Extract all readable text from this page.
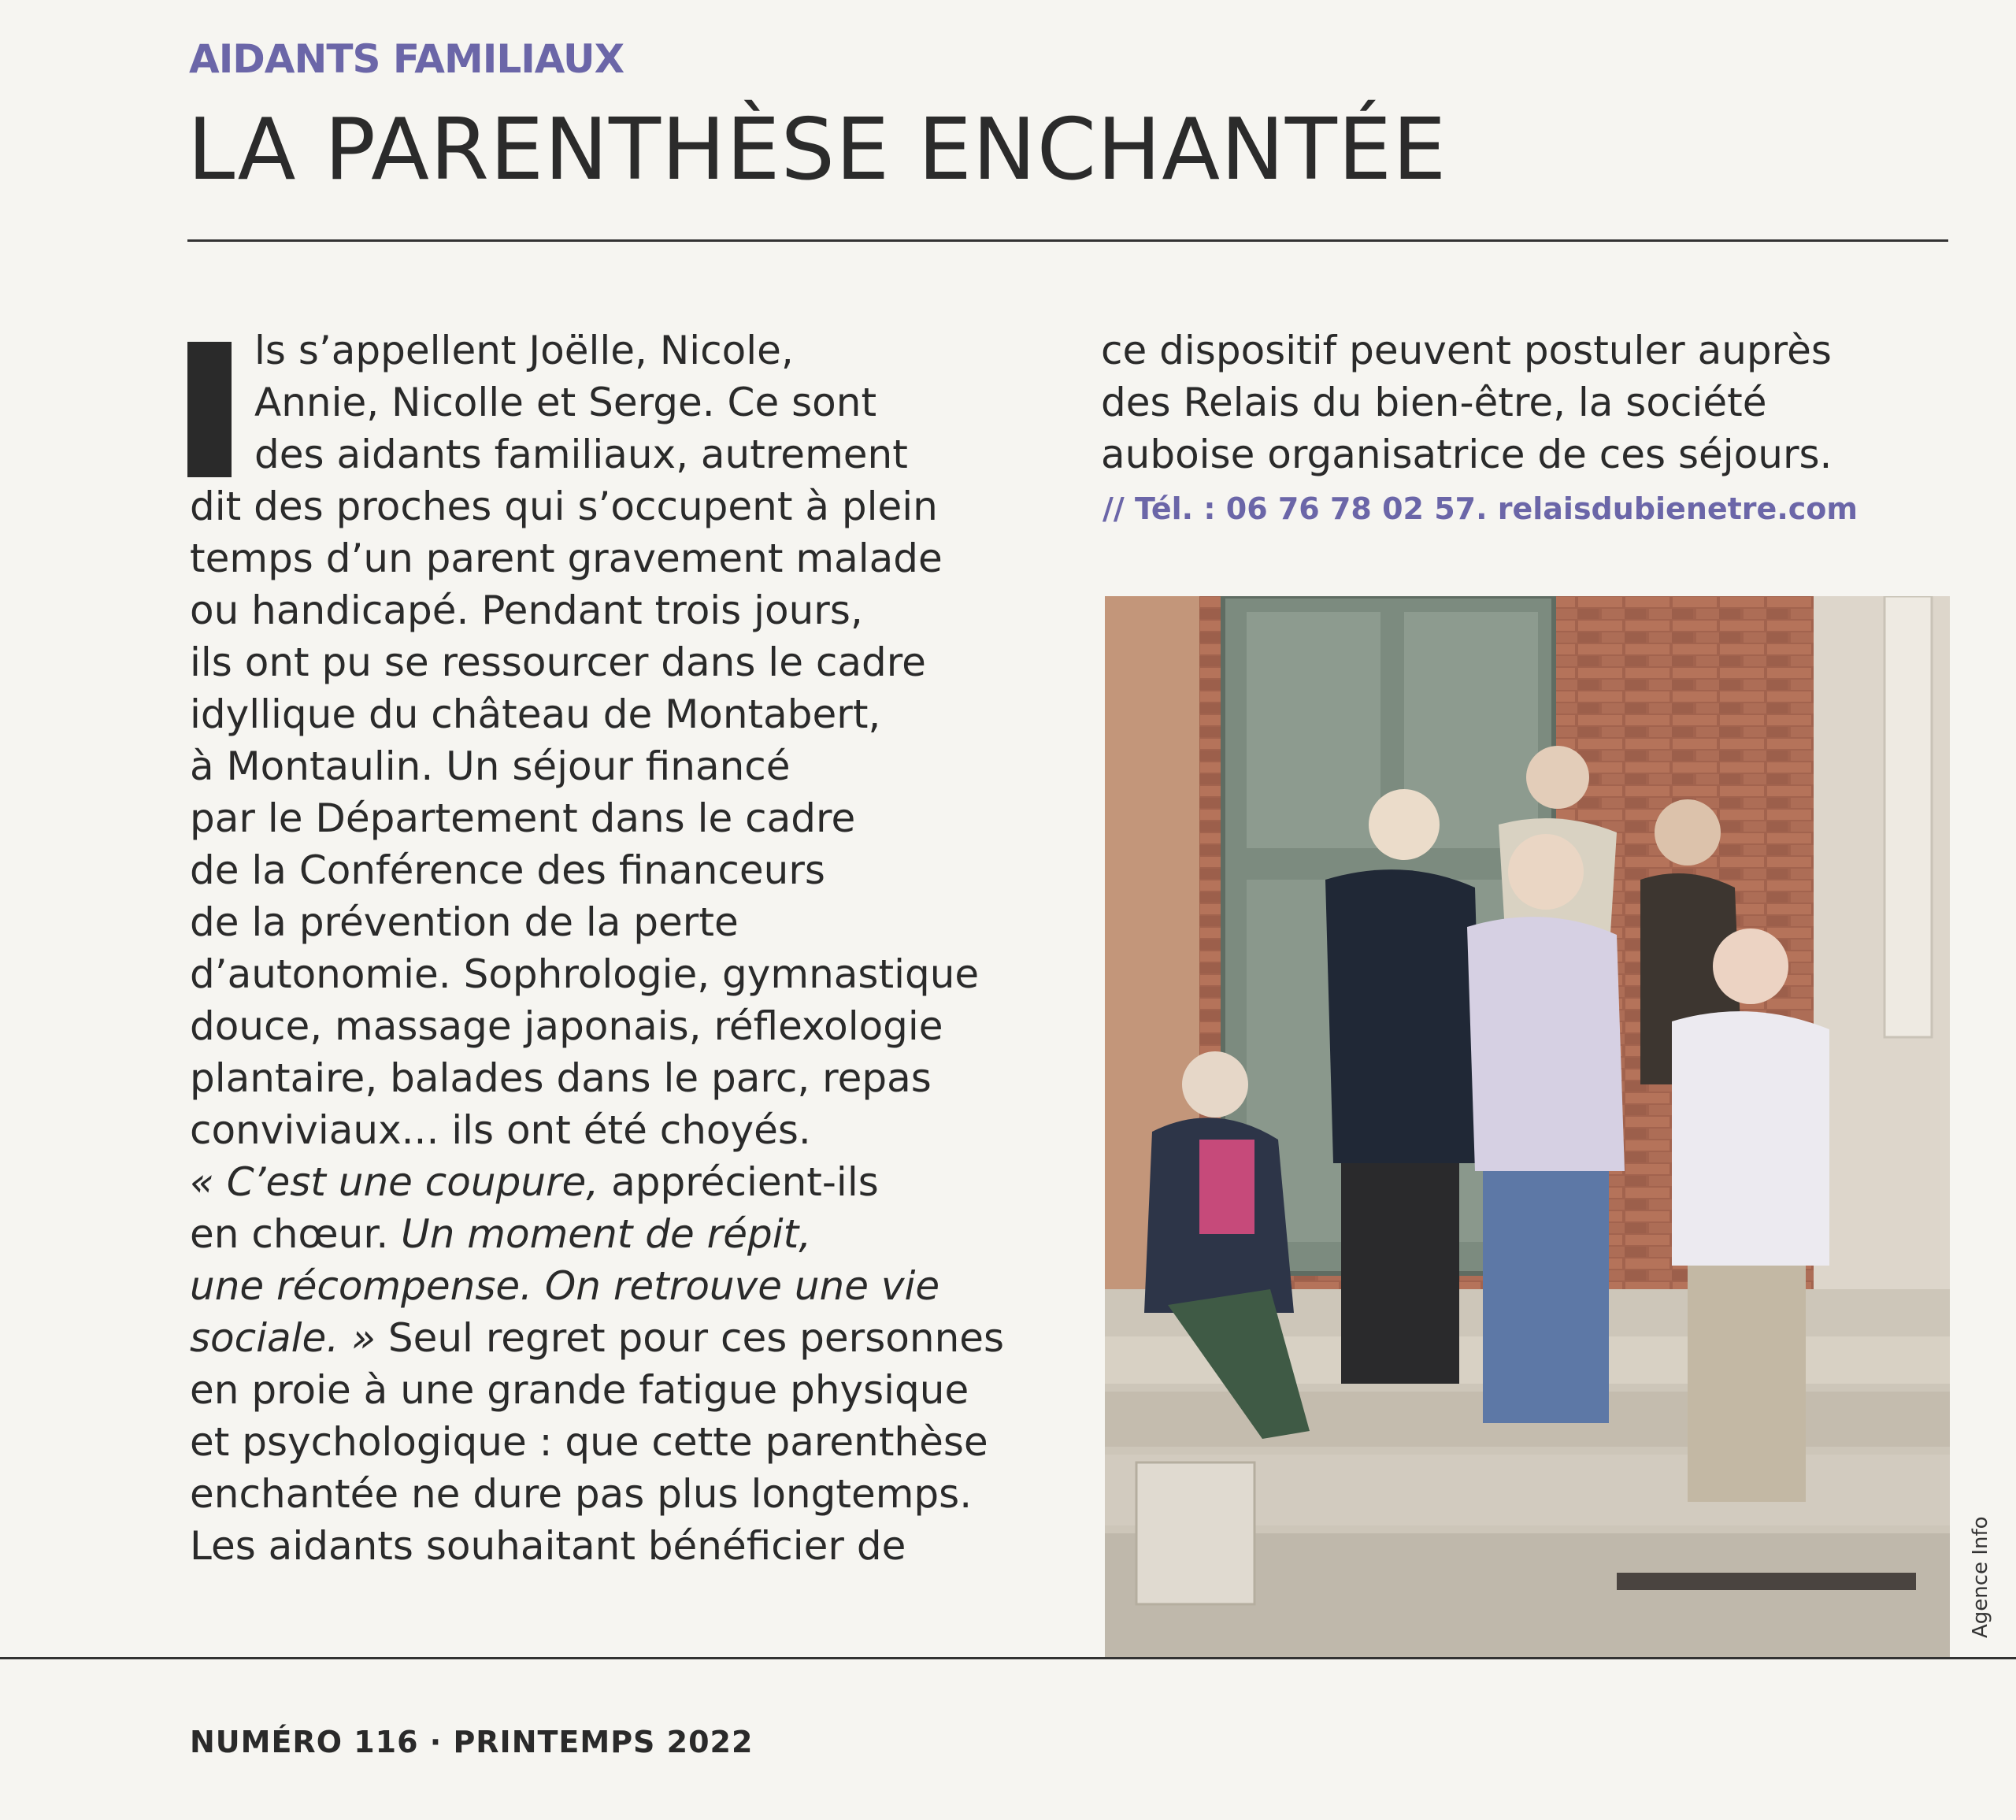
AIDANTS FAMILIAUX
LA PARENTHÈSE ENCHANTÉE
ls s’appellent Joëlle, Nicole,
Annie, Nicolle et Serge. Ce sont
des aidants familiaux, autrement
dit des proches qui s’occupent à plein
temps d’un parent gravement malade
ou handicapé. Pendant trois jours,
ils ont pu se ressourcer dans le cadre
idyllique du château de Montabert,
à Montaulin. Un séjour financé
par le Département dans le cadre
de la Conférence des financeurs
de la prévention de la perte
d’autonomie. Sophrologie, gymnastique
douce, massage japonais, réflexologie
plantaire, balades dans le parc, repas
conviviaux... ils ont été choyés.
« C’est une coupure, apprécient-ils
en chœur. Un moment de répit,
une récompense. On retrouve une vie
sociale. » Seul regret pour ces personnes
en proie à une grande fatigue physique
et psychologique : que cette parenthèse
enchantée ne dure pas plus longtemps.
Les aidants souhaitant bénéficier de
ce dispositif peuvent postuler auprès
des Relais du bien-être, la société
auboise organisatrice de ces séjours.
// Tél. : 06 76 78 02 57. relaisdubienetre.com
Agence Info
NUMÉRO 116 · PRINTEMPS 2022
